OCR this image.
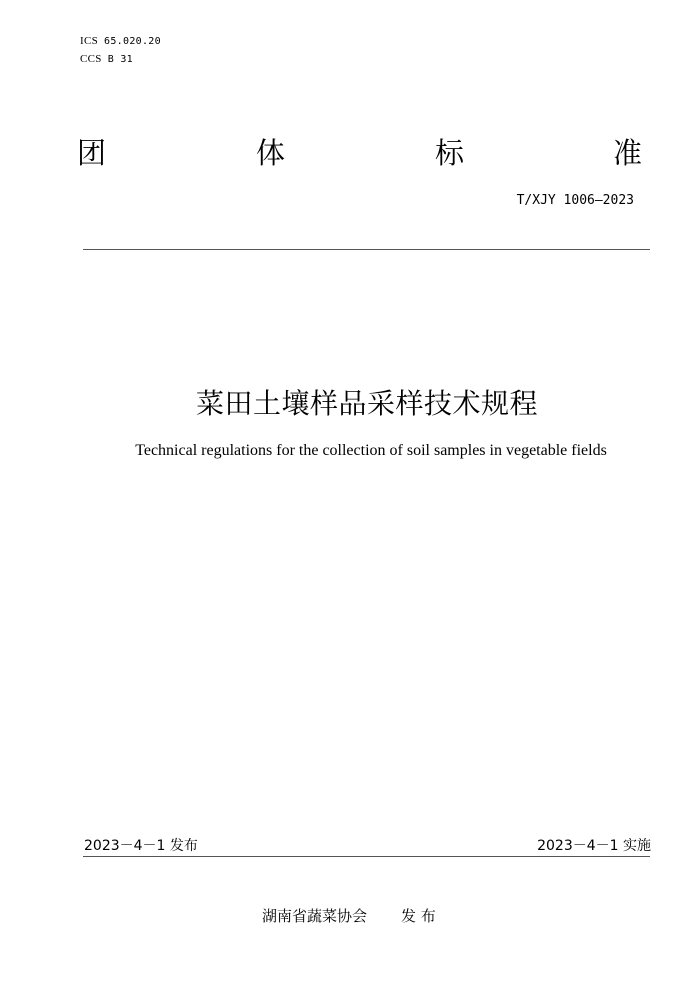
ICS 65.020.20
CCS B 31
团	体	标	准
T/XJY 1006—2023
菜田土壤样品采样技术规程
Technical regulations for the collection of soil samples in vegetable fields
2023－4－1 发布	2023－4－1 实施
湖南省蔬菜协会 发 布
